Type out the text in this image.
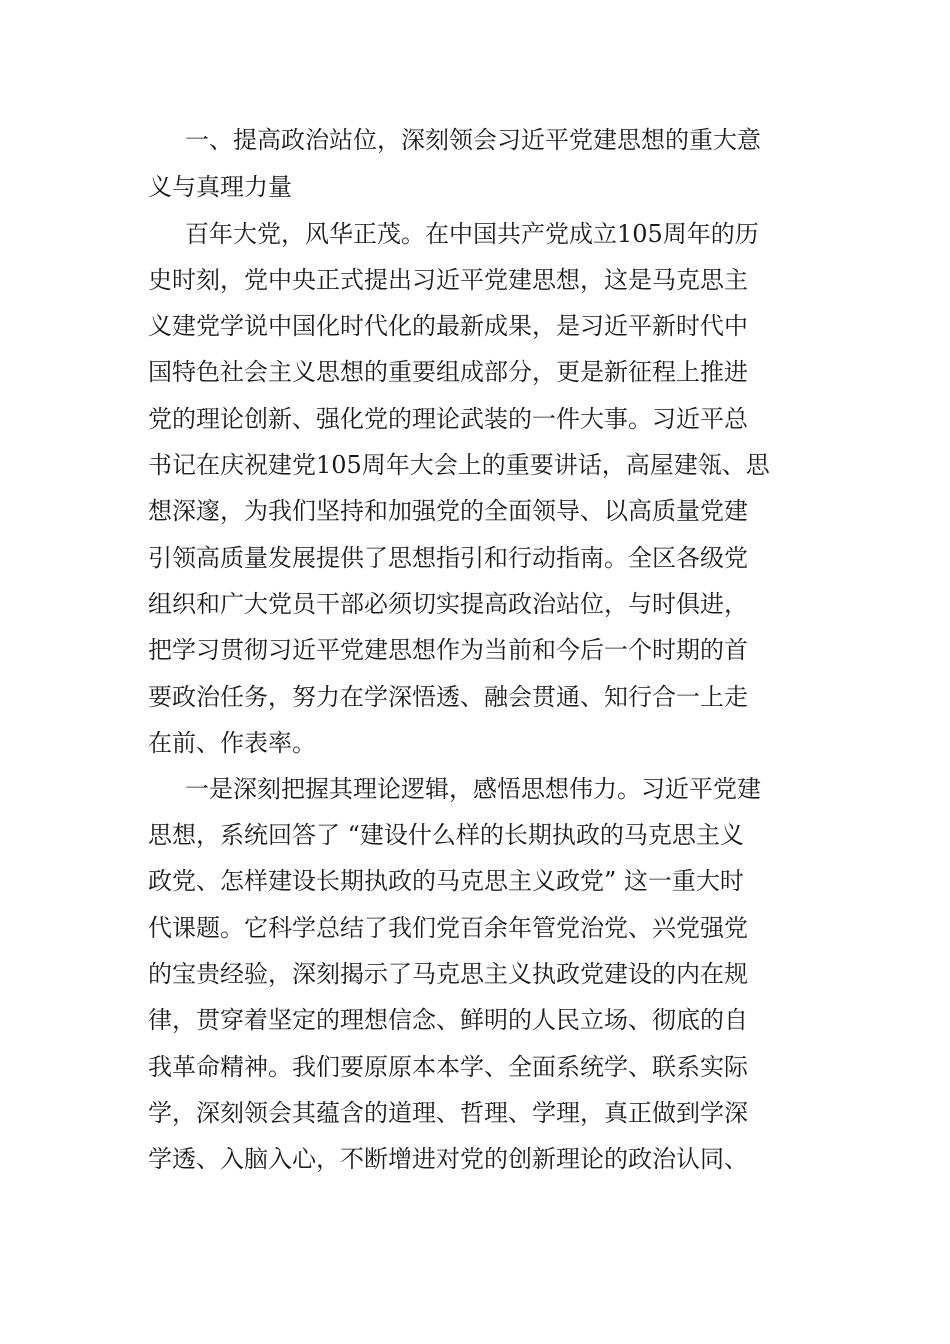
一、提高政治站位，深刻领会习近平党建思想的重大意
义与真理力量
百年大党，风华正茂。在中国共产党成立105周年的历
史时刻，党中央正式提出习近平党建思想，这是马克思主
义建党学说中国化时代化的最新成果，是习近平新时代中
国特色社会主义思想的重要组成部分，更是新征程上推进
党的理论创新、强化党的理论武装的一件大事。习近平总
书记在庆祝建党105周年大会上的重要讲话，高屋建瓴、思
想深邃，为我们坚持和加强党的全面领导、以高质量党建
引领高质量发展提供了思想指引和行动指南。全区各级党
组织和广大党员干部必须切实提高政治站位，与时俱进，
把学习贯彻习近平党建思想作为当前和今后一个时期的首
要政治任务，努力在学深悟透、融会贯通、知行合一上走
在前、作表率。
一是深刻把握其理论逻辑，感悟思想伟力。习近平党建
思想，系统回答了 “建设什么样的长期执政的马克思主义
政党、怎样建设长期执政的马克思主义政党” 这一重大时
代课题。它科学总结了我们党百余年管党治党、兴党强党
的宝贵经验，深刻揭示了马克思主义执政党建设的内在规
律，贯穿着坚定的理想信念、鲜明的人民立场、彻底的自
我革命精神。我们要原原本本学、全面系统学、联系实际
学，深刻领会其蕴含的道理、哲理、学理，真正做到学深
学透、入脑入心，不断增进对党的创新理论的政治认同、
